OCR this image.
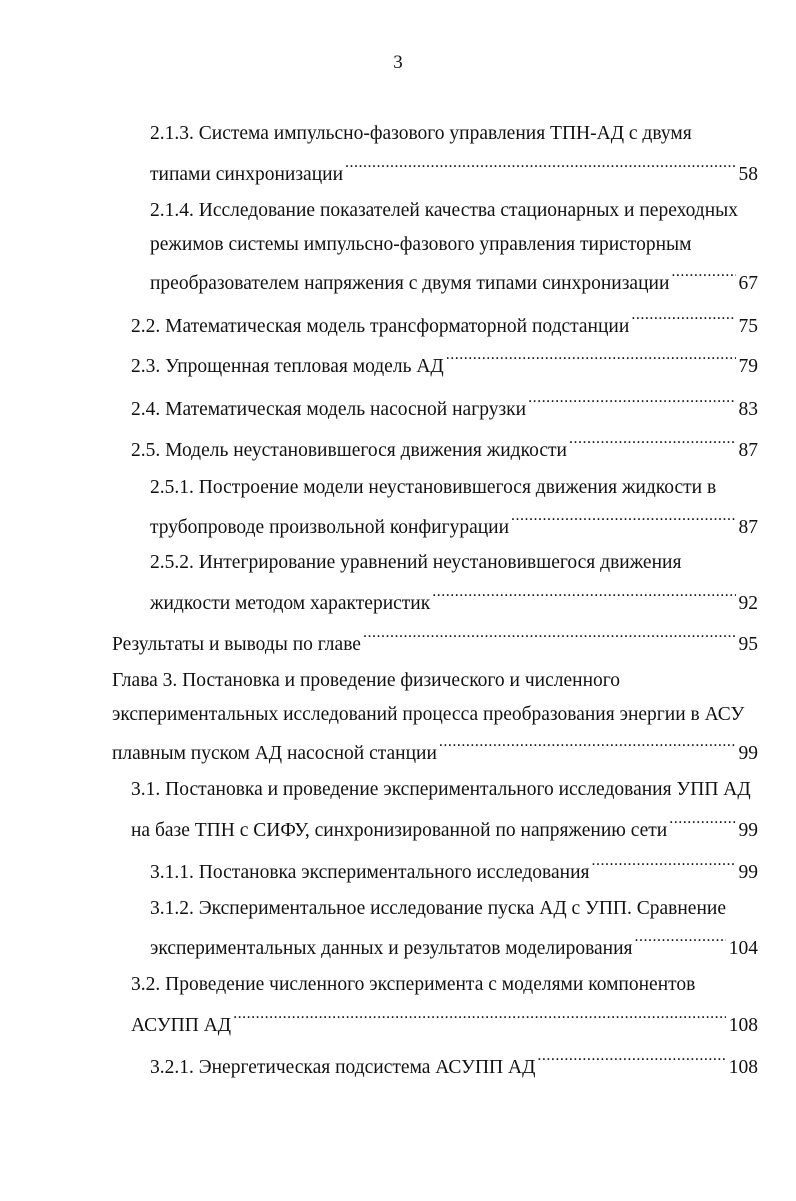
3
2.1.3. Система импульсно-фазового управления ТПН-АД с двумя
типами синхронизации .....	58
2.1.4. Исследование показателей качества стационарных и переходных
режимов системы импульсно-фазового управления тиристорным
преобразователем напряжения с двумя типами синхронизации .....	67
2.2. Математическая модель трансформаторной подстанции .....	75
2.3. Упрощенная тепловая модель АД .....	79
2.4. Математическая модель насосной нагрузки .....	83
2.5. Модель неустановившегося движения жидкости .....	87
2.5.1. Построение модели неустановившегося движения жидкости в
трубопроводе произвольной конфигурации .....	87
2.5.2. Интегрирование уравнений неустановившегося движения
жидкости методом характеристик .....	92
Результаты и выводы по главе .....	95
Глава 3. Постановка и проведение физического и численного
экспериментальных исследований процесса преобразования энергии в АСУ
плавным пуском АД насосной станции .....	99
3.1. Постановка и проведение экспериментального исследования УПП АД
на базе ТПН с СИФУ, синхронизированной по напряжению сети .....	99
3.1.1. Постановка экспериментального исследования .....	99
3.1.2. Экспериментальное исследование пуска АД с УПП. Сравнение
экспериментальных данных и результатов моделирования .....	104
3.2. Проведение численного эксперимента с моделями компонентов
АСУПП АД .....	108
3.2.1. Энергетическая подсистема АСУПП АД .....	108
